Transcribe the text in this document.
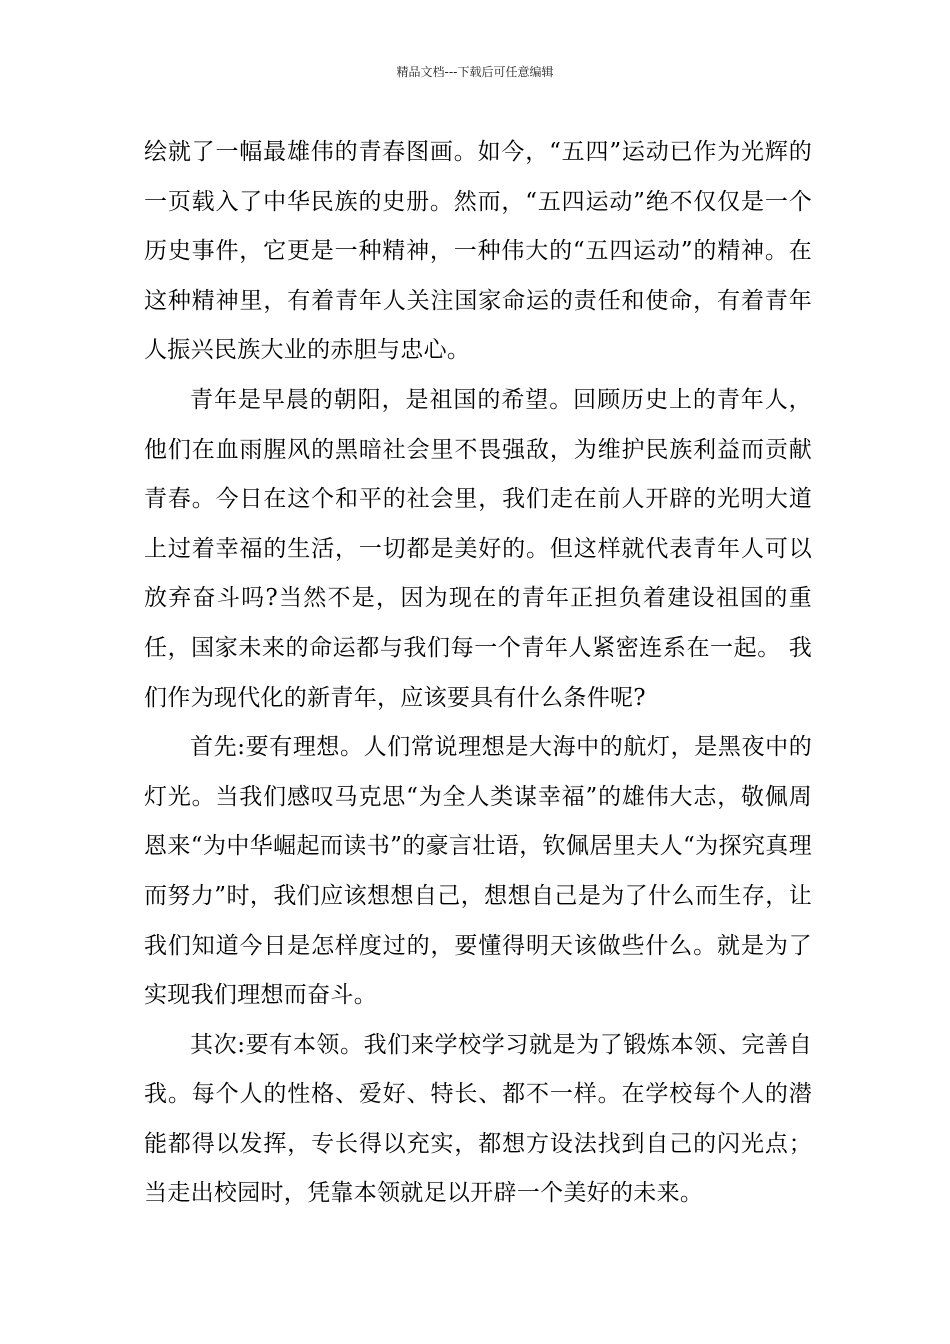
精品文档---下载后可任意编辑

绘就了一幅最雄伟的青春图画。如今，“五四”运动已作为光辉的一页载入了中华民族的史册。然而，“五四运动”绝不仅仅是一个历史事件，它更是一种精神，一种伟大的“五四运动”的精神。在这种精神里，有着青年人关注国家命运的责任和使命，有着青年人振兴民族大业的赤胆与忠心。

青年是早晨的朝阳，是祖国的希望。回顾历史上的青年人，他们在血雨腥风的黑暗社会里不畏强敌，为维护民族利益而贡献青春。今日在这个和平的社会里，我们走在前人开辟的光明大道上过着幸福的生活，一切都是美好的。但这样就代表青年人可以放弃奋斗吗?当然不是，因为现在的青年正担负着建设祖国的重任，国家未来的命运都与我们每一个青年人紧密连系在一起。 我们作为现代化的新青年，应该要具有什么条件呢?

首先:要有理想。人们常说理想是大海中的航灯，是黑夜中的灯光。当我们感叹马克思“为全人类谋幸福”的雄伟大志，敬佩周恩来“为中华崛起而读书”的豪言壮语，钦佩居里夫人“为探究真理而努力”时，我们应该想想自己，想想自己是为了什么而生存，让我们知道今日是怎样度过的，要懂得明天该做些什么。就是为了实现我们理想而奋斗。

其次:要有本领。我们来学校学习就是为了锻炼本领、完善自我。每个人的性格、爱好、特长、都不一样。在学校每个人的潜能都得以发挥，专长得以充实，都想方设法找到自己的闪光点；当走出校园时，凭靠本领就足以开辟一个美好的未来。
